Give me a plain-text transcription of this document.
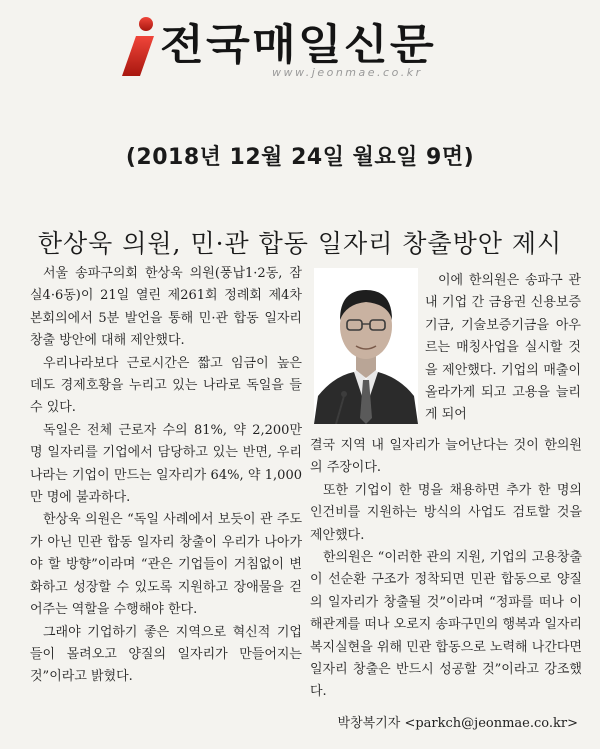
전국매일신문
www.jeonmae.co.kr
(2018년 12월 24일 월요일 9면)
한상욱 의원, 민·관 합동 일자리 창출방안 제시

서울 송파구의회 한상욱 의원(풍납1·2동, 잠실4·6동)이 21일 열린 제261회 정례회 제4차 본회의에서 5분 발언을 통해 민·관 합동 일자리 창출 방안에 대해 제안했다.

우리나라보다 근로시간은 짧고 임금이 높은 데도 경제호황을 누리고 있는 나라로 독일을 들 수 있다.

독일은 전체 근로자 수의 81%, 약 2,200만 명 일자리를 기업에서 담당하고 있는 반면, 우리나라는 기업이 만드는 일자리가 64%, 약 1,000만 명에 불과하다.

한상욱 의원은 “독일 사례에서 보듯이 관 주도가 아닌 민관 합동 일자리 창출이 우리가 나아가야 할 방향”이라며 “관은 기업들이 거침없이 변화하고 성장할 수 있도록 지원하고 장애물을 걷어주는 역할을 수행해야 한다.

그래야 기업하기 좋은 지역으로 혁신적 기업들이 몰려오고 양질의 일자리가 만들어지는 것”이라고 밝혔다.

이에 한의원은 송파구 관내 기업 간 금융권 신용보증기금, 기술보증기금을 아우르는 매칭사업을 실시할 것을 제안했다. 기업의 매출이 올라가게 되고 고용을 늘리게 되어

결국 지역 내 일자리가 늘어난다는 것이 한의원의 주장이다.

또한 기업이 한 명을 채용하면 추가 한 명의 인건비를 지원하는 방식의 사업도 검토할 것을 제안했다.

한의원은 “이러한 관의 지원, 기업의 고용창출이 선순환 구조가 정착되면 민관 합동으로 양질의 일자리가 창출될 것”이라며 “정파를 떠나 이해관계를 떠나 오로지 송파구민의 행복과 일자리 복지실현을 위해 민관 합동으로 노력해 나간다면 일자리 창출은 반드시 성공할 것”이라고 강조했다.

박창복기자 <parkch@jeonmae.co.kr>
